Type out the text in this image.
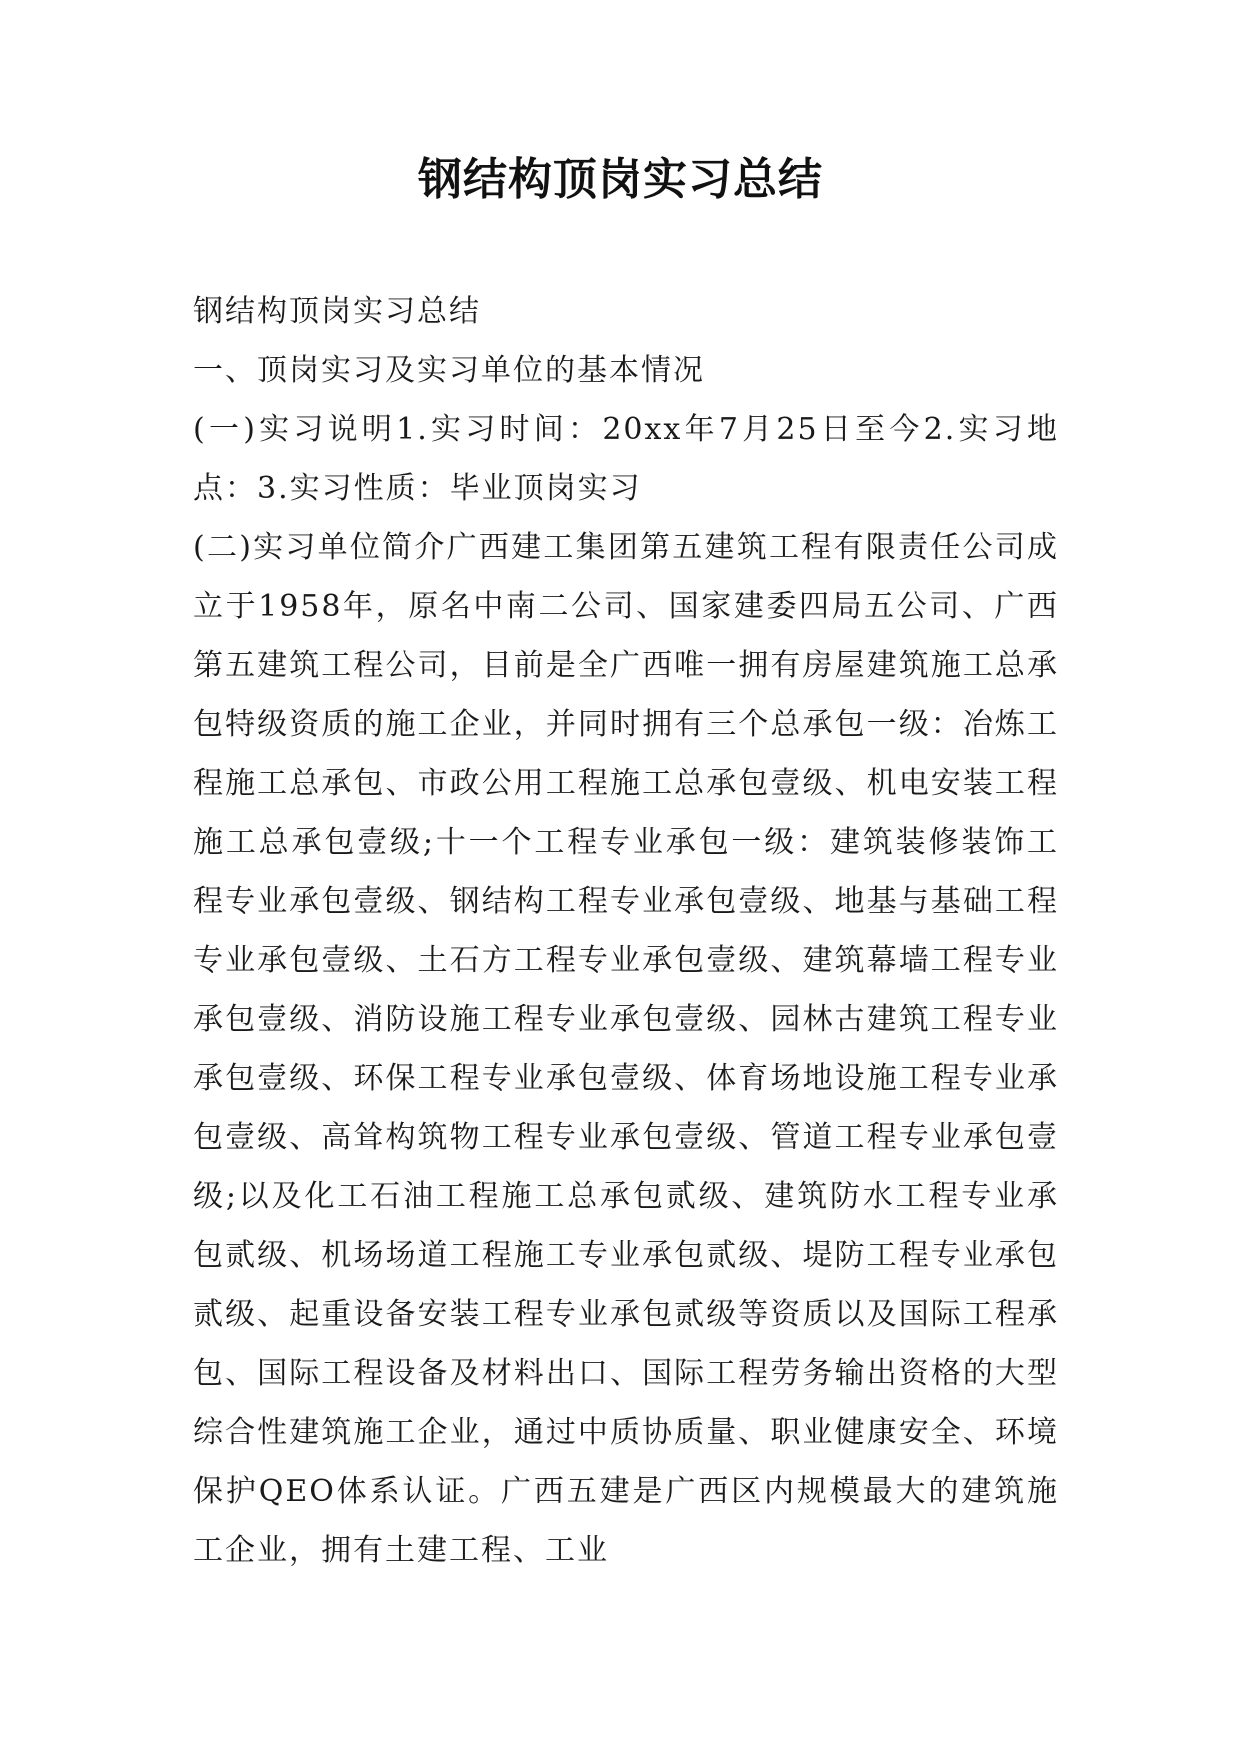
钢结构顶岗实习总结

钢结构顶岗实习总结

一、顶岗实习及实习单位的基本情况

(一)实习说明1.实习时间：20xx年7月25日至今2.实习地点：3.实习性质：毕业顶岗实习

(二)实习单位简介广西建工集团第五建筑工程有限责任公司成立于1958年，原名中南二公司、国家建委四局五公司、广西第五建筑工程公司，目前是全广西唯一拥有房屋建筑施工总承包特级资质的施工企业，并同时拥有三个总承包一级：冶炼工程施工总承包、市政公用工程施工总承包壹级、机电安装工程施工总承包壹级;十一个工程专业承包一级：建筑装修装饰工程专业承包壹级、钢结构工程专业承包壹级、地基与基础工程专业承包壹级、土石方工程专业承包壹级、建筑幕墙工程专业承包壹级、消防设施工程专业承包壹级、园林古建筑工程专业承包壹级、环保工程专业承包壹级、体育场地设施工程专业承包壹级、高耸构筑物工程专业承包壹级、管道工程专业承包壹级;以及化工石油工程施工总承包贰级、建筑防水工程专业承包贰级、机场场道工程施工专业承包贰级、堤防工程专业承包贰级、起重设备安装工程专业承包贰级等资质以及国际工程承包、国际工程设备及材料出口、国际工程劳务输出资格的大型综合性建筑施工企业，通过中质协质量、职业健康安全、环境保护QEO体系认证。广西五建是广西区内规模最大的建筑施工企业，拥有土建工程、工业
